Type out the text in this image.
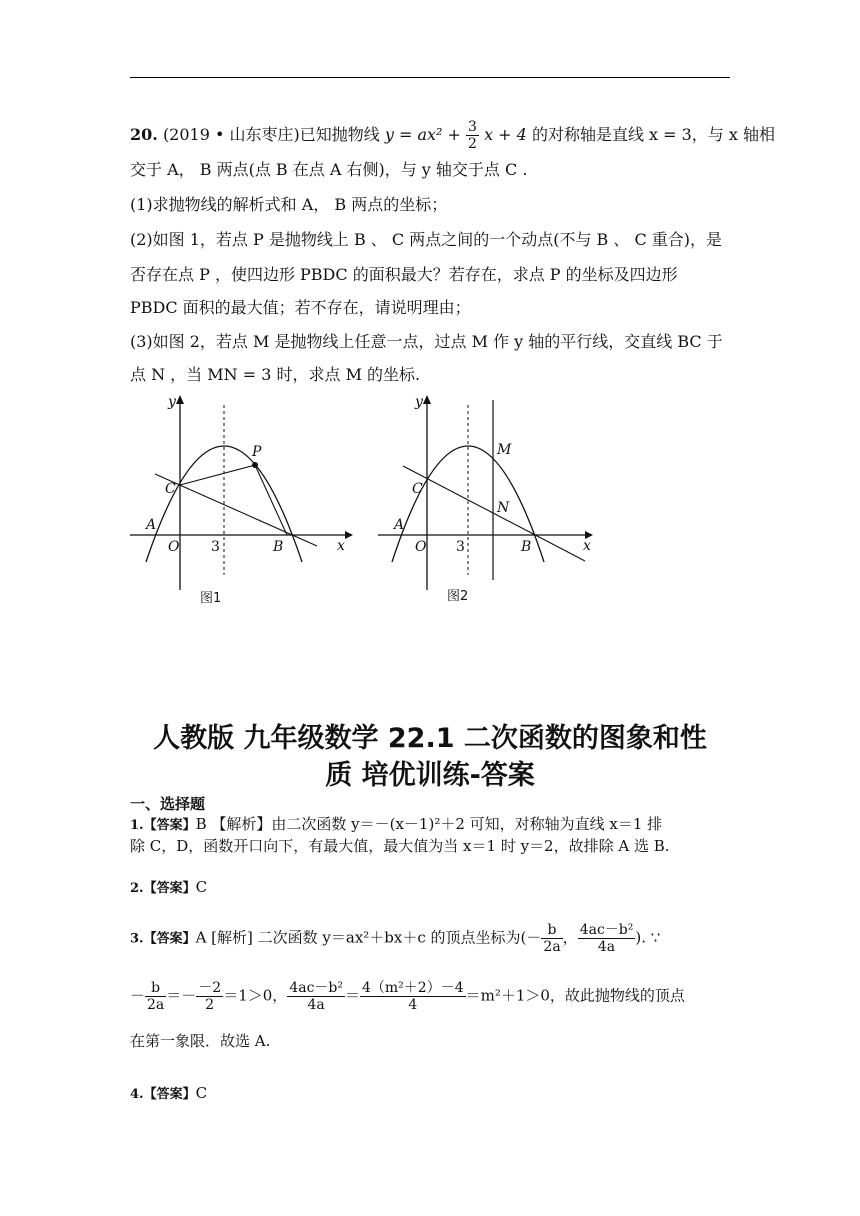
20. (2019 • 山东枣庄)已知抛物线 $y = ax^2 + \frac{3}{2}$ x + 4 的对称轴是直线 x = 3，与 x 轴相
交于 A， B 两点(点 B 在点 A 右侧)，与 y 轴交于点 C .
(1)求抛物线的解析式和 A， B 两点的坐标；
(2)如图 1，若点 P 是抛物线上 B 、 C 两点之间的一个动点(不与 B 、 C 重合)，是
否存在点 P ，使四边形 PBDC 的面积最大？若存在，求点 P 的坐标及四边形
PBDC 面积的最大值；若不存在，请说明理由；
(3)如图 2，若点 M 是抛物线上任意一点，过点 M 作 y 轴的平行线，交直线 BC 于
点 N ，当 MN = 3 时，求点 M 的坐标.
y
x
P
C
A
O 3	B
图1
y
x
M
C
N
A
O 3	B
图2
人教版 九年级数学 22.1 二次函数的图象和性
质 培优训练-答案
一、选择题
1.【答案】B 【解析】由二次函数 y＝－(x－1)²＋2 可知，对称轴为直线 x＝1 排
除 C，D，函数开口向下，有最大值，最大值为当 x＝1 时 y＝2，故排除 A 选 B.
2.【答案】C
3.【答案】A [解析] 二次函数 y＝ax²＋bx＋c 的顶点坐标为(－ $\frac{b}{2a}$ ， $\frac{\text{4ac－b²}}{4a}$ ). ∵
－ $\frac{b}{2a} =- \frac{-2}{2} =1>0$， $\frac{\text{4ac－b²}}{4a} = \frac{\text{4（m²＋2）－4}}{4} =m^2+1>0$，故此抛物线的顶点
在第一象限．故选 A.
4.【答案】C
